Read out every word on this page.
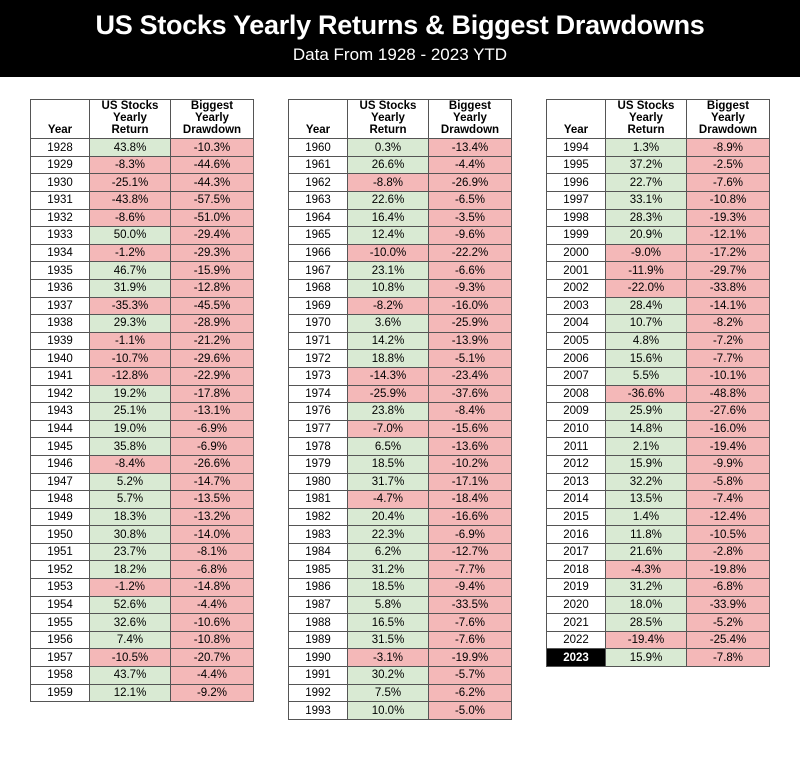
US Stocks Yearly Returns & Biggest Drawdowns
Data From 1928 - 2023 YTD
Year	
US Stocks
Yearly
Return

Biggest
Yearly
Drawdown

1928	43.8%	-10.3%
1929	-8.3%	-44.6%
1930	-25.1%	-44.3%
1931	-43.8%	-57.5%
1932	-8.6%	-51.0%
1933	50.0%	-29.4%
1934	-1.2%	-29.3%
1935	46.7%	-15.9%
1936	31.9%	-12.8%
1937	-35.3%	-45.5%
1938	29.3%	-28.9%
1939	-1.1%	-21.2%
1940	-10.7%	-29.6%
1941	-12.8%	-22.9%
1942	19.2%	-17.8%
1943	25.1%	-13.1%
1944	19.0%	-6.9%
1945	35.8%	-6.9%
1946	-8.4%	-26.6%
1947	5.2%	-14.7%
1948	5.7%	-13.5%
1949	18.3%	-13.2%
1950	30.8%	-14.0%
1951	23.7%	-8.1%
1952	18.2%	-6.8%
1953	-1.2%	-14.8%
1954	52.6%	-4.4%
1955	32.6%	-10.6%
1956	7.4%	-10.8%
1957	-10.5%	-20.7%
1958	43.7%	-4.4%
1959	12.1%	-9.2%
Year	
US Stocks
Yearly
Return

Biggest
Yearly
Drawdown

1960	0.3%	-13.4%
1961	26.6%	-4.4%
1962	-8.8%	-26.9%
1963	22.6%	-6.5%
1964	16.4%	-3.5%
1965	12.4%	-9.6%
1966	-10.0%	-22.2%
1967	23.1%	-6.6%
1968	10.8%	-9.3%
1969	-8.2%	-16.0%
1970	3.6%	-25.9%
1971	14.2%	-13.9%
1972	18.8%	-5.1%
1973	-14.3%	-23.4%
1974	-25.9%	-37.6%
1976	23.8%	-8.4%
1977	-7.0%	-15.6%
1978	6.5%	-13.6%
1979	18.5%	-10.2%
1980	31.7%	-17.1%
1981	-4.7%	-18.4%
1982	20.4%	-16.6%
1983	22.3%	-6.9%
1984	6.2%	-12.7%
1985	31.2%	-7.7%
1986	18.5%	-9.4%
1987	5.8%	-33.5%
1988	16.5%	-7.6%
1989	31.5%	-7.6%
1990	-3.1%	-19.9%
1991	30.2%	-5.7%
1992	7.5%	-6.2%
1993	10.0%	-5.0%
Year	
US Stocks
Yearly
Return

Biggest
Yearly
Drawdown

1994	1.3%	-8.9%
1995	37.2%	-2.5%
1996	22.7%	-7.6%
1997	33.1%	-10.8%
1998	28.3%	-19.3%
1999	20.9%	-12.1%
2000	-9.0%	-17.2%
2001	-11.9%	-29.7%
2002	-22.0%	-33.8%
2003	28.4%	-14.1%
2004	10.7%	-8.2%
2005	4.8%	-7.2%
2006	15.6%	-7.7%
2007	5.5%	-10.1%
2008	-36.6%	-48.8%
2009	25.9%	-27.6%
2010	14.8%	-16.0%
2011	2.1%	-19.4%
2012	15.9%	-9.9%
2013	32.2%	-5.8%
2014	13.5%	-7.4%
2015	1.4%	-12.4%
2016	11.8%	-10.5%
2017	21.6%	-2.8%
2018	-4.3%	-19.8%
2019	31.2%	-6.8%
2020	18.0%	-33.9%
2021	28.5%	-5.2%
2022	-19.4%	-25.4%
2023	15.9%	-7.8%
